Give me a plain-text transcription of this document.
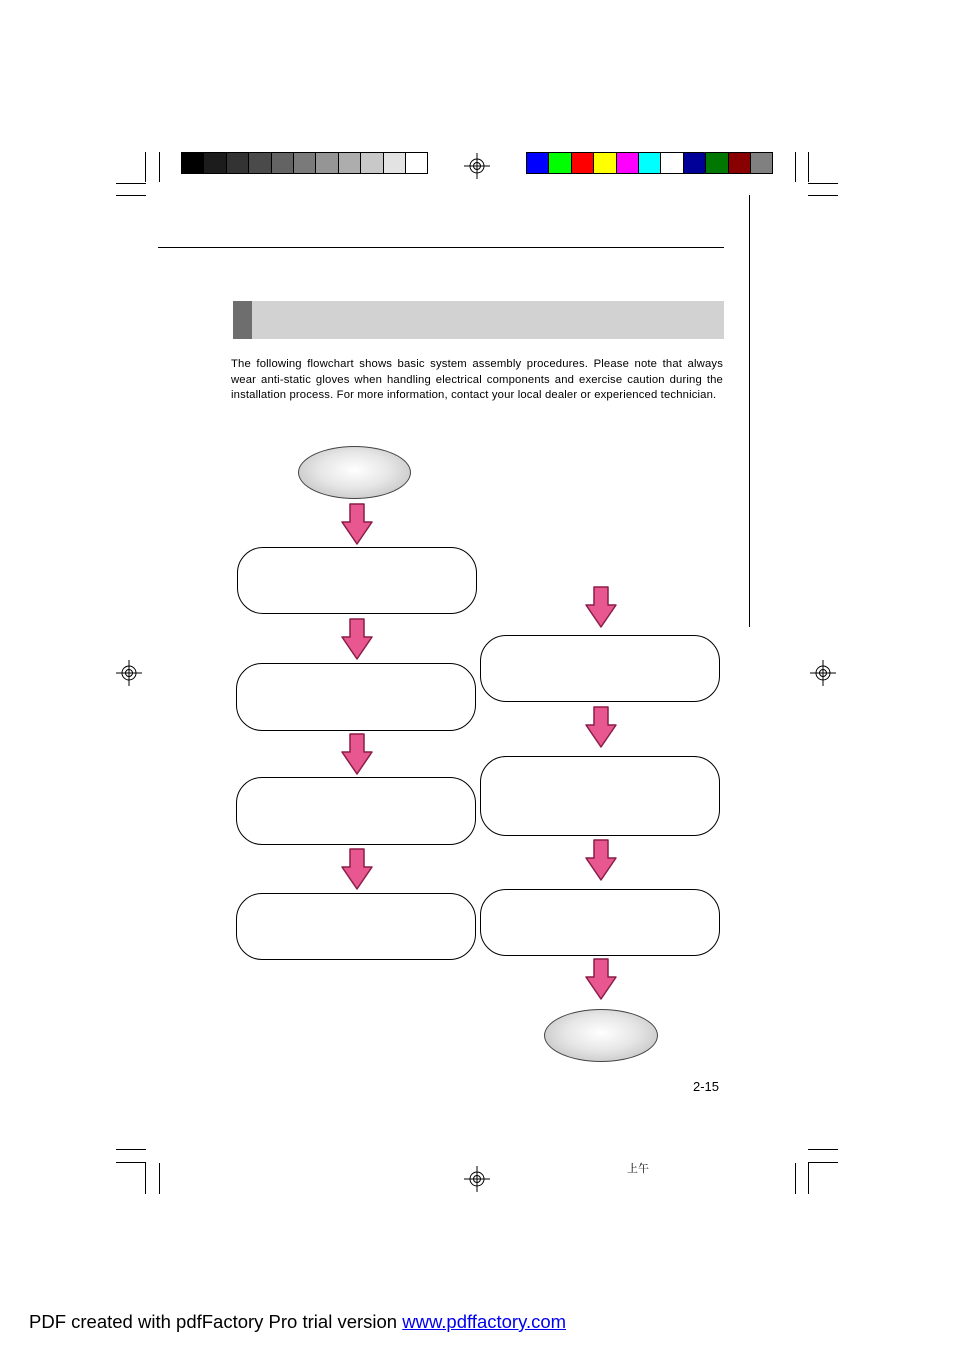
The following flowchart shows basic system assembly procedures. Please note that always wear anti-static gloves when handling electrical components and exercise caution during the installation process. For more information, contact your local dealer or experienced technician.

2-15
上午
PDF created with pdfFactory Pro trial version www.pdffactory.com
